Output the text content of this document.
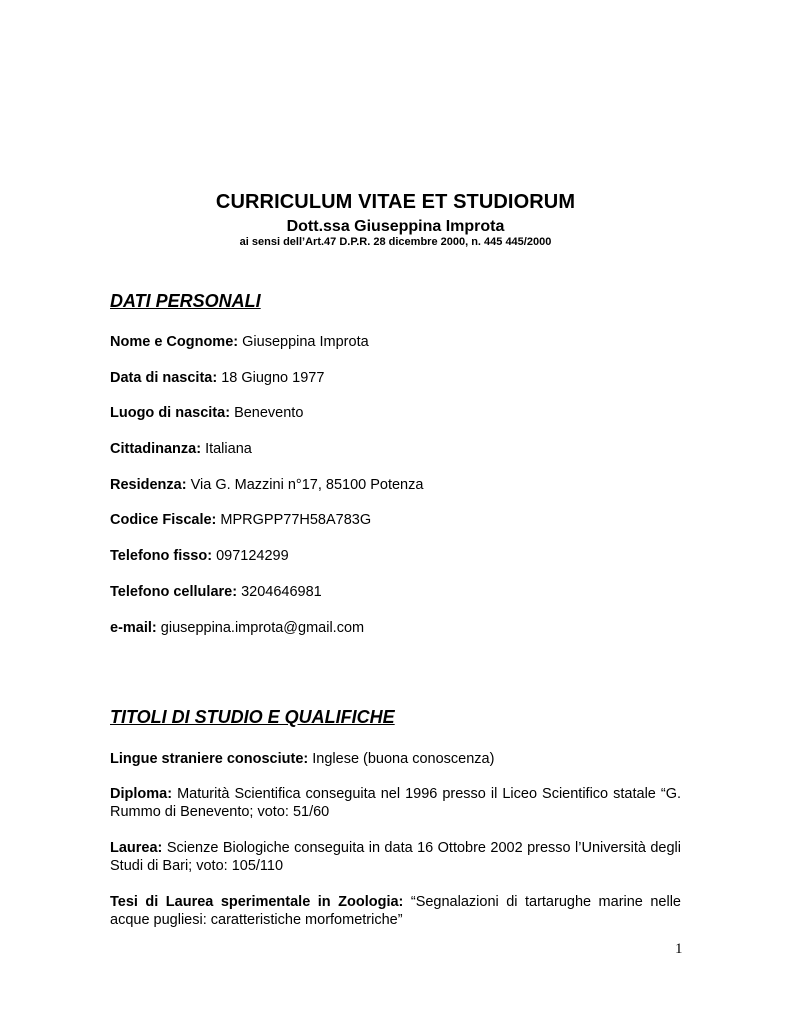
CURRICULUM VITAE ET STUDIORUM
Dott.ssa Giuseppina Improta
ai sensi dell’Art.47 D.P.R. 28 dicembre 2000, n. 445 445/2000
DATI PERSONALI
Nome e Cognome: Giuseppina Improta
Data di nascita: 18 Giugno 1977
Luogo di nascita: Benevento
Cittadinanza: Italiana
Residenza: Via G. Mazzini n°17, 85100 Potenza
Codice Fiscale: MPRGPP77H58A783G
Telefono fisso: 097124299
Telefono cellulare: 3204646981
e-mail: giuseppina.improta@gmail.com
TITOLI DI STUDIO E QUALIFICHE
Lingue straniere conosciute: Inglese (buona conoscenza)
Diploma: Maturità Scientifica conseguita nel 1996 presso il Liceo Scientifico statale “G. Rummo di Benevento; voto: 51/60
Laurea: Scienze Biologiche conseguita in data 16 Ottobre 2002 presso l’Università degli Studi di Bari; voto: 105/110
Tesi di Laurea sperimentale in Zoologia: “Segnalazioni di tartarughe marine nelle acque pugliesi: caratteristiche morfometriche”
1
